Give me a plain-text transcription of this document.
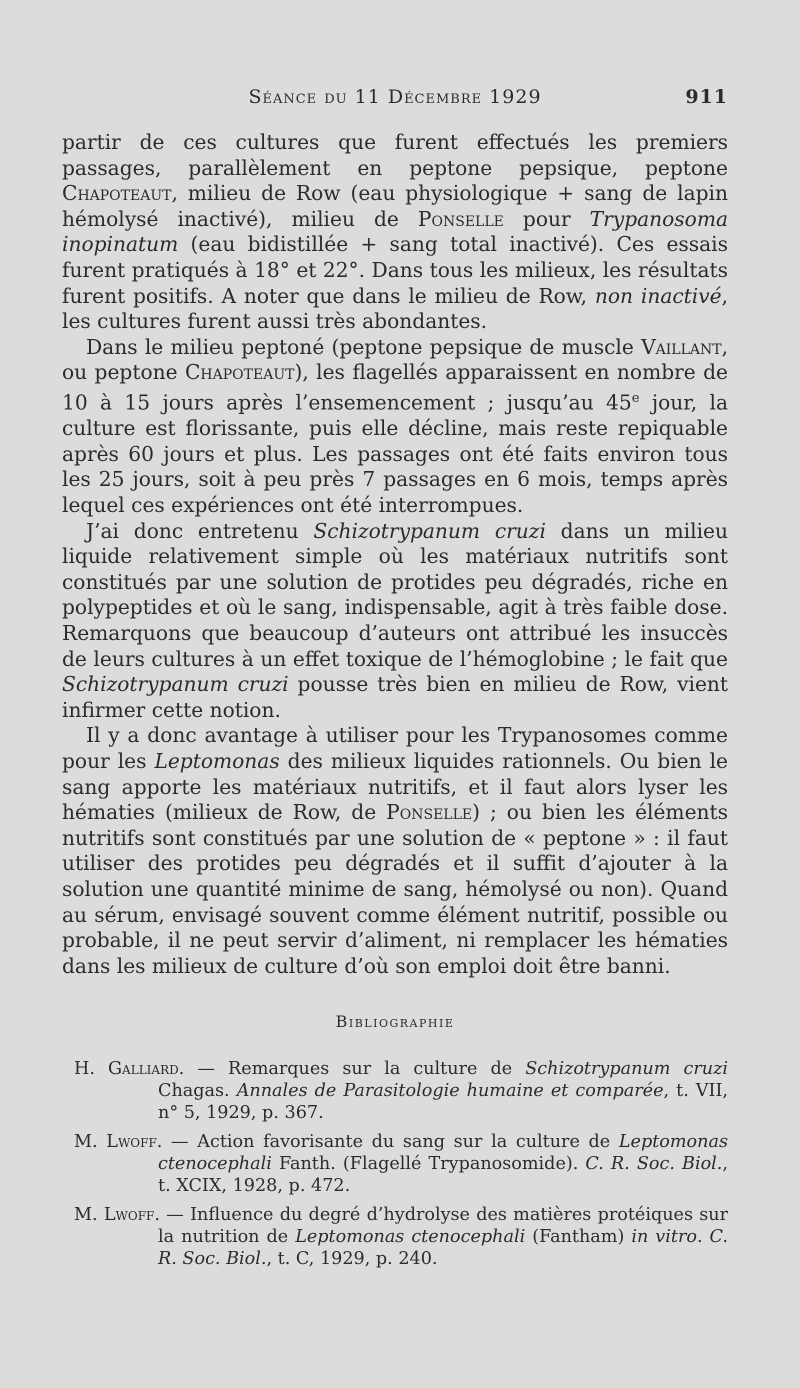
Séance du 11 Décembre 1929	911

partir de ces cultures que furent effectués les premiers passages, parallèlement en peptone pepsique, peptone Chapoteaut, milieu de Row (eau physiologique + sang de lapin hémolysé inactivé), milieu de Ponselle pour Trypanosoma inopinatum (eau bidistillée + sang total inactivé). Ces essais furent pratiqués à 18° et 22°. Dans tous les milieux, les résultats furent positifs. A noter que dans le milieu de Row, non inactivé, les cultures furent aussi très abondantes.

Dans le milieu peptoné (peptone pepsique de muscle Vaillant, ou peptone Chapoteaut), les flagellés apparaissent en nombre de 10 à 15 jours après l’ensemencement ; jusqu’au 45e jour, la culture est florissante, puis elle décline, mais reste repiquable après 60 jours et plus. Les passages ont été faits environ tous les 25 jours, soit à peu près 7 passages en 6 mois, temps après lequel ces expériences ont été interrompues.

J’ai donc entretenu Schizotrypanum cruzi dans un milieu liquide relativement simple où les matériaux nutritifs sont constitués par une solution de protides peu dégradés, riche en polypeptides et où le sang, indispensable, agit à très faible dose. Remarquons que beaucoup d’auteurs ont attribué les insuccès de leurs cultures à un effet toxique de l’hémoglobine ; le fait que Schizotrypanum cruzi pousse très bien en milieu de Row, vient infirmer cette notion.

Il y a donc avantage à utiliser pour les Trypanosomes comme pour les Leptomonas des milieux liquides rationnels. Ou bien le sang apporte les matériaux nutritifs, et il faut alors lyser les hématies (milieux de Row, de Ponselle) ; ou bien les éléments nutritifs sont constitués par une solution de « peptone » : il faut utiliser des protides peu dégradés et il suffit d’ajouter à la solution une quantité minime de sang, hémolysé ou non). Quand au sérum, envisagé souvent comme élément nutritif, possible ou probable, il ne peut servir d’aliment, ni remplacer les hématies dans les milieux de culture d’où son emploi doit être banni.

Bibliographie
H. Galliard. — Remarques sur la culture de Schizotrypanum cruzi Chagas. Annales de Parasitologie humaine et comparée, t. VII, n° 5, 1929, p. 367.
M. Lwoff. — Action favorisante du sang sur la culture de Leptomonas ctenocephali Fanth. (Flagellé Trypanosomide). C. R. Soc. Biol., t. XCIX, 1928, p. 472.
M. Lwoff. — Influence du degré d’hydrolyse des matières protéiques sur la nutrition de Leptomonas ctenocephali (Fantham) in vitro. C. R. Soc. Biol., t. C, 1929, p. 240.
